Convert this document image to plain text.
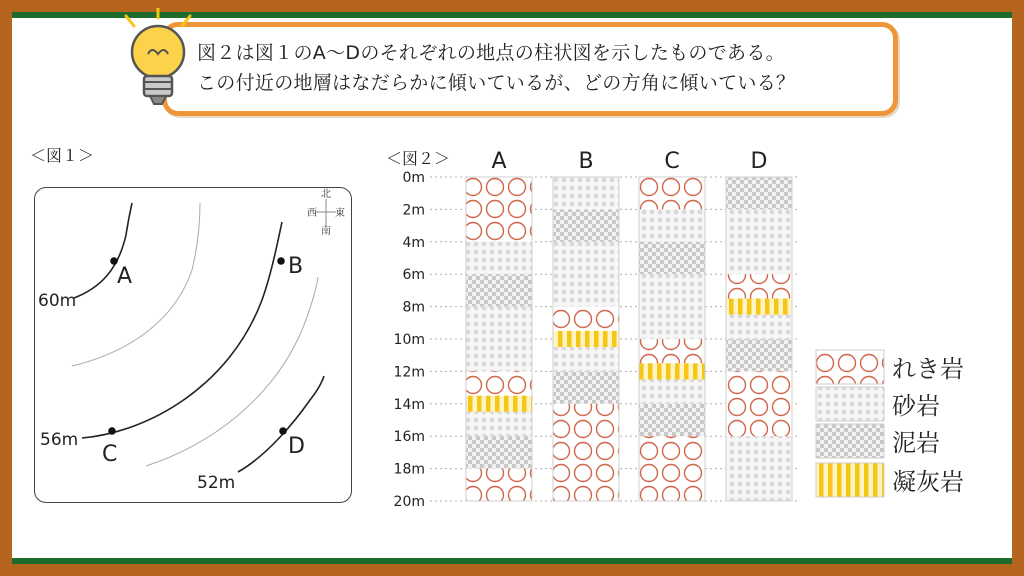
図２は図１のA〜Dのそれぞれの地点の柱状図を示したものである。
この付近の地層はなだらかに傾いているが、どの方角に傾いている？
＜図１＞
北
南
東
西
60m
56m
52m
A	B
C	D
＜図２＞
0m
2m
4m
6m
8m
10m
12m
14m
16m
18m
20m
A	B	C	D
れき岩
砂岩
泥岩
凝灰岩
